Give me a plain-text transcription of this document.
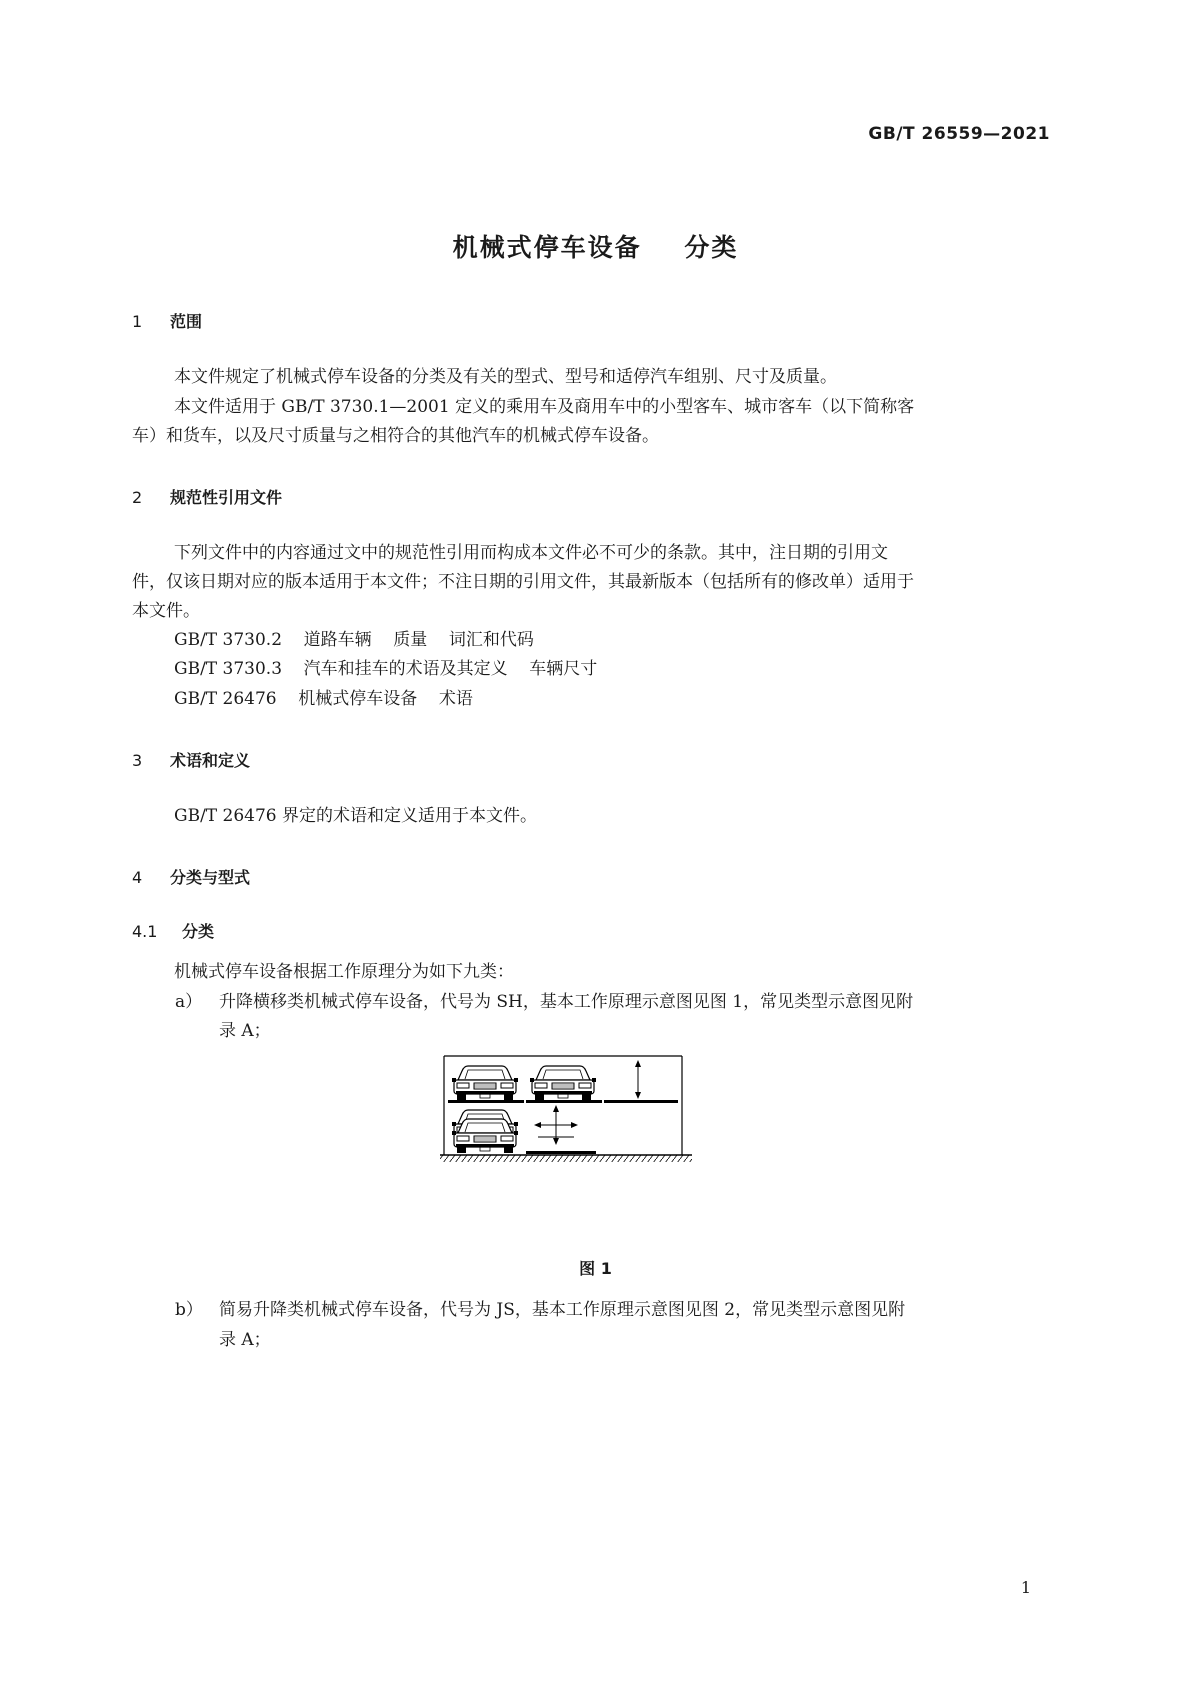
GB/T 26559—2021
机械式停车设备    分类
1 范围
本文件规定了机械式停车设备的分类及有关的型式、型号和适停汽车组别、尺寸及质量。
本文件适用于 GB/T 3730.1—2001 定义的乘用车及商用车中的小型客车、城市客车（以下简称客
车）和货车，以及尺寸质量与之相符合的其他汽车的机械式停车设备。
2 规范性引用文件
下列文件中的内容通过文中的规范性引用而构成本文件必不可少的条款。其中，注日期的引用文
件，仅该日期对应的版本适用于本文件；不注日期的引用文件，其最新版本（包括所有的修改单）适用于
本文件。
GB/T 3730.2    道路车辆    质量    词汇和代码
GB/T 3730.3    汽车和挂车的术语及其定义    车辆尺寸
GB/T 26476    机械式停车设备    术语
3 术语和定义
GB/T 26476 界定的术语和定义适用于本文件。
4 分类与型式
4.1 分类
机械式停车设备根据工作原理分为如下九类：
a） 升降横移类机械式停车设备，代号为 SH，基本工作原理示意图见图 1，常见类型示意图见附
录 A；
图 1
b） 简易升降类机械式停车设备，代号为 JS，基本工作原理示意图见图 2，常见类型示意图见附
录 A；
1
